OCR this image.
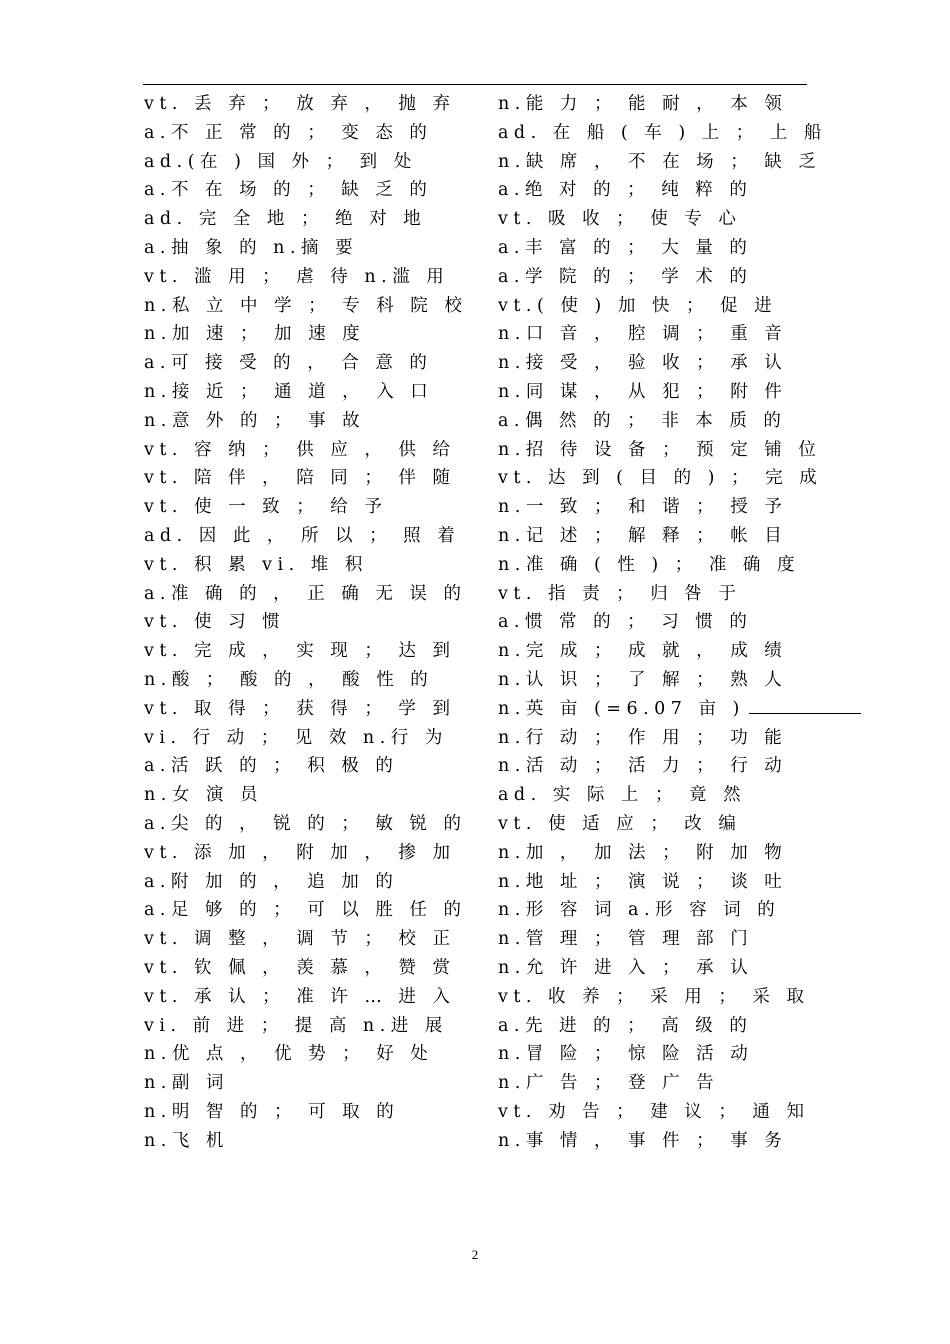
vt. 丢 弃 ； 放 弃 ， 抛 弃
a.不 正 常 的 ； 变 态 的
ad.(在 ) 国 外 ； 到 处
a.不 在 场 的 ； 缺 乏 的
ad. 完 全 地 ； 绝 对 地
a.抽 象 的 n.摘 要
vt. 滥 用 ； 虐 待 n.滥 用
n.私 立 中 学 ； 专 科 院 校
n.加 速 ； 加 速 度
a.可 接 受 的 ， 合 意 的
n.接 近 ； 通 道 ， 入 口
n.意 外 的 ； 事 故
vt. 容 纳 ； 供 应 ， 供 给
vt. 陪 伴 ， 陪 同 ； 伴 随
vt. 使 一 致 ； 给 予
ad. 因 此 ， 所 以 ； 照 着
vt. 积 累 vi. 堆 积
a.准 确 的 ， 正 确 无 误 的
vt. 使 习 惯
vt. 完 成 ， 实 现 ； 达 到
n.酸 ； 酸 的 ， 酸 性 的
vt. 取 得 ； 获 得 ； 学 到
vi. 行 动 ； 见 效 n.行 为
a.活 跃 的 ； 积 极 的
n.女 演 员
a.尖 的 ， 锐 的 ； 敏 锐 的
vt. 添 加 ， 附 加 ， 掺 加
a.附 加 的 ， 追 加 的
a.足 够 的 ； 可 以 胜 任 的
vt. 调 整 ， 调 节 ； 校 正
vt. 钦 佩 ， 羡 慕 ， 赞 赏
vt. 承 认 ； 准 许 … 进 入
vi. 前 进 ； 提 高 n.进 展
n.优 点 ， 优 势 ； 好 处
n.副 词
n.明 智 的 ； 可 取 的
n.飞 机
n.能 力 ； 能 耐 ， 本 领
ad. 在 船 ( 车 ) 上 ； 上 船
n.缺 席 ， 不 在 场 ； 缺 乏
a.绝 对 的 ； 纯 粹 的
vt. 吸 收 ； 使 专 心
a.丰 富 的 ； 大 量 的
a.学 院 的 ； 学 术 的
vt.( 使 ) 加 快 ； 促 进
n.口 音 ， 腔 调 ； 重 音
n.接 受 ， 验 收 ； 承 认
n.同 谋 ， 从 犯 ； 附 件
a.偶 然 的 ； 非 本 质 的
n.招 待 设 备 ； 预 定 铺 位
vt. 达 到 ( 目 的 ) ； 完 成
n.一 致 ； 和 谐 ； 授 予
n.记 述 ； 解 释 ； 帐 目
n.准 确 ( 性 ) ； 准 确 度
vt. 指 责 ； 归 咎 于
a.惯 常 的 ； 习 惯 的
n.完 成 ； 成 就 ， 成 绩
n.认 识 ； 了 解 ； 熟 人
n.英 亩 (=6.07 亩 )
n.行 动 ； 作 用 ； 功 能
n.活 动 ； 活 力 ； 行 动
ad. 实 际 上 ； 竟 然
vt. 使 适 应 ； 改 编
n.加 ， 加 法 ； 附 加 物
n.地 址 ； 演 说 ； 谈 吐
n.形 容 词 a.形 容 词 的
n.管 理 ； 管 理 部 门
n.允 许 进 入 ； 承 认
vt. 收 养 ； 采 用 ； 采 取
a.先 进 的 ； 高 级 的
n.冒 险 ； 惊 险 活 动
n.广 告 ； 登 广 告
vt. 劝 告 ； 建 议 ； 通 知
n.事 情 ， 事 件 ； 事 务
2
